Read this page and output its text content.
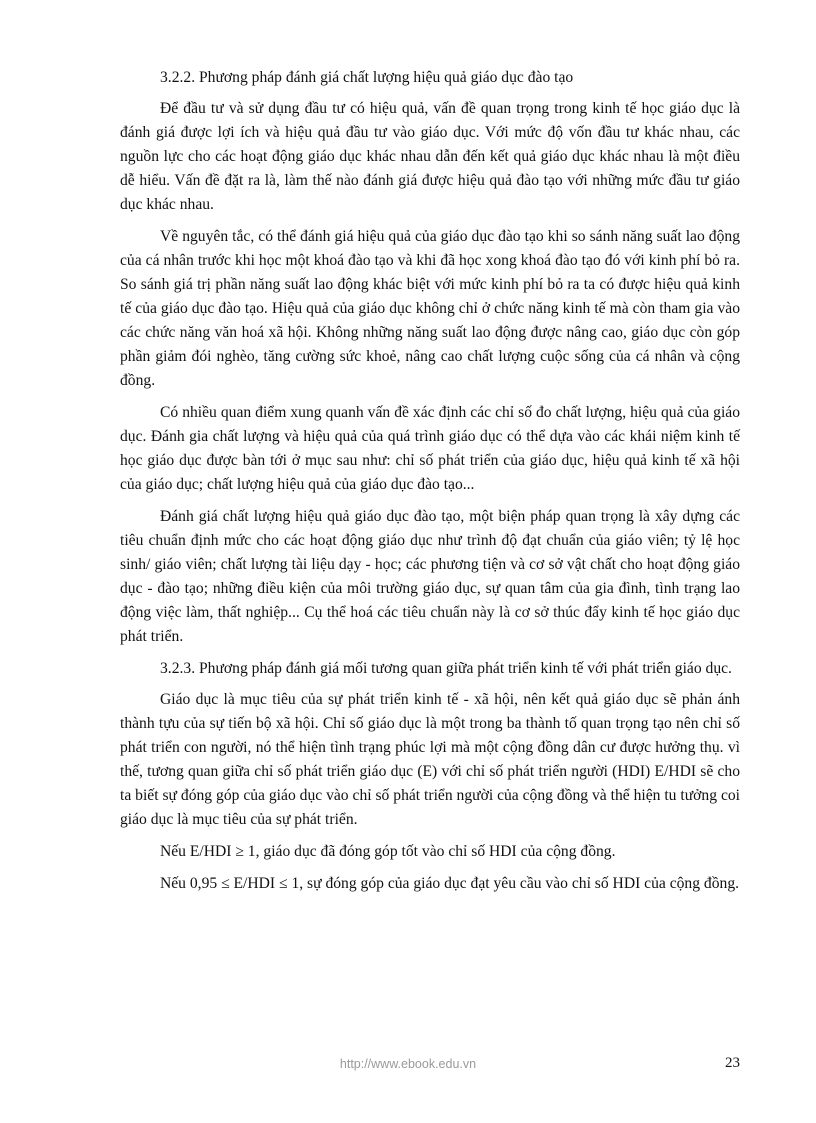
3.2.2. Phương pháp đánh giá chất lượng hiệu quả giáo dục đào tạo

Để đầu tư và sử dụng đầu tư có hiệu quả, vấn đề quan trọng trong kinh tế học giáo dục là đánh giá được lợi ích và hiệu quả đầu tư vào giáo dục. Với mức độ vốn đầu tư khác nhau, các nguồn lực cho các hoạt động giáo dục khác nhau dẫn đến kết quả giáo dục khác nhau là một điều dễ hiểu. Vấn đề đặt ra là, làm thế nào đánh giá được hiệu quả đào tạo với những mức đầu tư giáo dục khác nhau.

Về nguyên tắc, có thể đánh giá hiệu quả của giáo dục đào tạo khi so sánh năng suất lao động của cá nhân trước khi học một khoá đào tạo và khi đã học xong khoá đào tạo đó với kinh phí bỏ ra. So sánh giá trị phần năng suất lao động khác biệt với mức kinh phí bỏ ra ta có được hiệu quả kinh tế của giáo dục đào tạo. Hiệu quả của giáo dục không chỉ ở chức năng kinh tế mà còn tham gia vào các chức năng văn hoá xã hội. Không những năng suất lao động được nâng cao, giáo dục còn góp phần giảm đói nghèo, tăng cường sức khoẻ, nâng cao chất lượng cuộc sống của cá nhân và cộng đồng.

Có nhiều quan điểm xung quanh vấn đề xác định các chỉ số đo chất lượng, hiệu quả của giáo dục. Đánh gia chất lượng và hiệu quả của quá trình giáo dục có thể dựa vào các khái niệm kinh tế học giáo dục được bàn tới ở mục sau như: chỉ số phát triển của giáo dục, hiệu quả kinh tế xã hội của giáo dục; chất lượng hiệu quả của giáo dục đào tạo...

Đánh giá chất lượng hiệu quả giáo dục đào tạo, một biện pháp quan trọng là xây dựng các tiêu chuẩn định mức cho các hoạt động giáo dục như trình độ đạt chuẩn của giáo viên; tỷ lệ học sinh/ giáo viên; chất lượng tài liệu dạy - học; các phương tiện và cơ sở vật chất cho hoạt động giáo dục - đào tạo; những điều kiện của môi trường giáo dục, sự quan tâm của gia đình, tình trạng lao động việc làm, thất nghiệp... Cụ thể hoá các tiêu chuẩn này là cơ sở thúc đẩy kinh tế học giáo dục phát triển.

3.2.3. Phương pháp đánh giá mối tương quan giữa phát triển kinh tế với phát triển giáo dục.

Giáo dục là mục tiêu của sự phát triển kinh tế - xã hội, nên kết quả giáo dục sẽ phản ánh thành tựu của sự tiến bộ xã hội. Chỉ số giáo dục là một trong ba thành tố quan trọng tạo nên chỉ số phát triển con người, nó thể hiện tình trạng phúc lợi mà một cộng đồng dân cư được hưởng thụ. vì thế, tương quan giữa chỉ số phát triển giáo dục (E) với chỉ số phát triển người (HDI) E/HDI sẽ cho ta biết sự đóng góp của giáo dục vào chỉ số phát triển người của cộng đồng và thể hiện tu tưởng coi giáo dục là mục tiêu của sự phát triển.

Nếu E/HDI ≥ 1, giáo dục đã đóng góp tốt vào chỉ số HDI của cộng đồng.

Nếu 0,95 ≤ E/HDI ≤ 1, sự đóng góp của giáo dục đạt yêu cầu vào chỉ số HDI của cộng đồng.

http://www.ebook.edu.vn	23
